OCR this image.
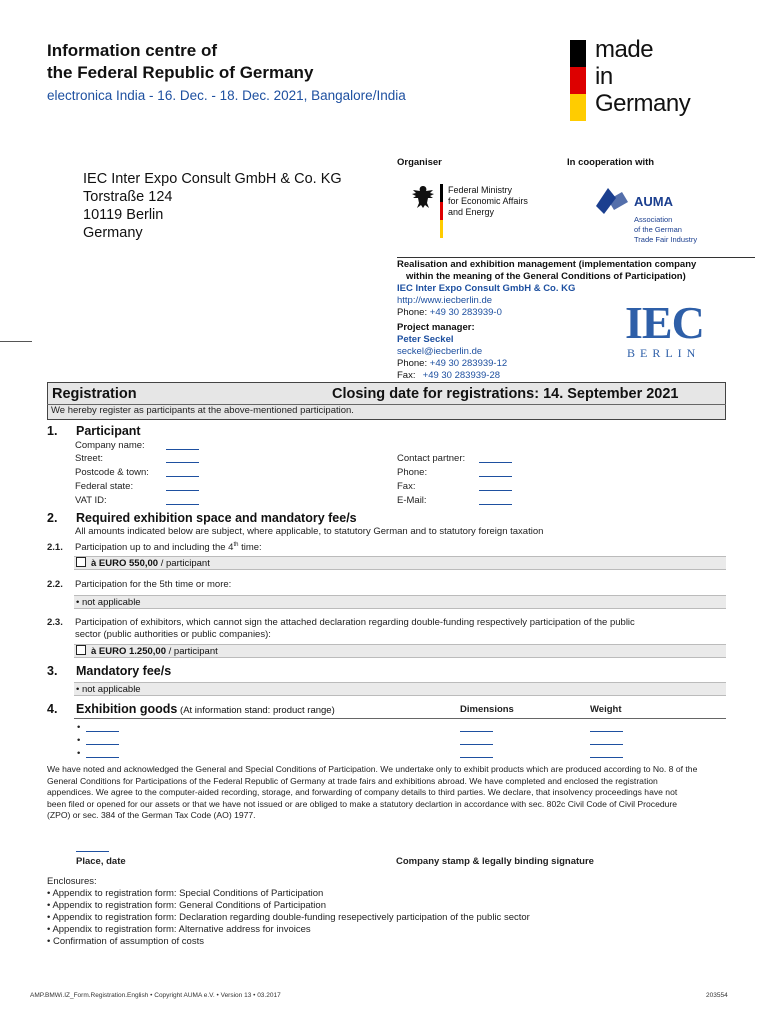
Information centre of
the Federal Republic of Germany
electronica India - 16. Dec. - 18. Dec. 2021, Bangalore/India
made
in
Germany
Organiser	In cooperation with
IEC Inter Expo Consult GmbH & Co. KG
Torstraße 124
10119 Berlin
Germany
Federal Ministry
for Economic Affairs
and Energy
AUMA
Association
of the German
Trade Fair Industry
Realisation and exhibition management (implementation company
within the meaning of the General Conditions of Participation)
IEC Inter Expo Consult GmbH & Co. KG
http://www.iecberlin.de
Phone: +49 30 283939-0
Project manager:
Peter Seckel
seckel@iecberlin.de
Phone: +49 30 283939-12
Fax: +49 30 283939-28
IEC
BERLIN
Registration	Closing date for registrations: 14. September 2021
We hereby register as participants at the above-mentioned participation.
1. Participant
Company name:
Street:
Postcode & town:
Federal state:
VAT ID:
Contact partner:
Phone:
Fax:
E-Mail:
2. Required exhibition space and mandatory fee/s
All amounts indicated below are subject, where applicable, to statutory German and to statutory foreign taxation
2.1. Participation up to and including the 4th time:
à EURO 550,00 / participant
2.2. Participation for the 5th time or more:
• not applicable
2.3. Participation of exhibitors, which cannot sign the attached declaration regarding double-funding respectively participation of the public
sector (public authorities or public companies):
à EURO 1.250,00 / participant
3. Mandatory fee/s
• not applicable
4. Exhibition goods (At information stand: product range)	Dimensions	Weight
•
•
•
We have noted and acknowledged the General and Special Conditions of Participation. We undertake only to exhibit products which are produced according to No. 8 of the
General Conditions for Participations of the Federal Republic of Germany at trade fairs and exhibitions abroad. We have completed and enclosed the registration
appendices. We agree to the computer-aided recording, storage, and forwarding of company details to third parties. We declare, that insolvency proceedings have not
been filed or opened for our assets or that we have not issued or are obliged to make a statutory declartion in accordance with sec. 802c Civil Code of Civil Procedure
(ZPO) or sec. 384 of the German Tax Code (AO) 1977.
Place, date	Company stamp & legally binding signature
Enclosures:
• Appendix to registration form: Special Conditions of Participation
• Appendix to registration form: General Conditions of Participation
• Appendix to registration form: Declaration regarding double-funding resepectively participation of the public sector
• Appendix to registration form: Alternative address for invoices
• Confirmation of assumption of costs
AMP.BMWi.IZ_Form.Registration.English • Copyright AUMA e.V. • Version 13 • 03.2017	203554
